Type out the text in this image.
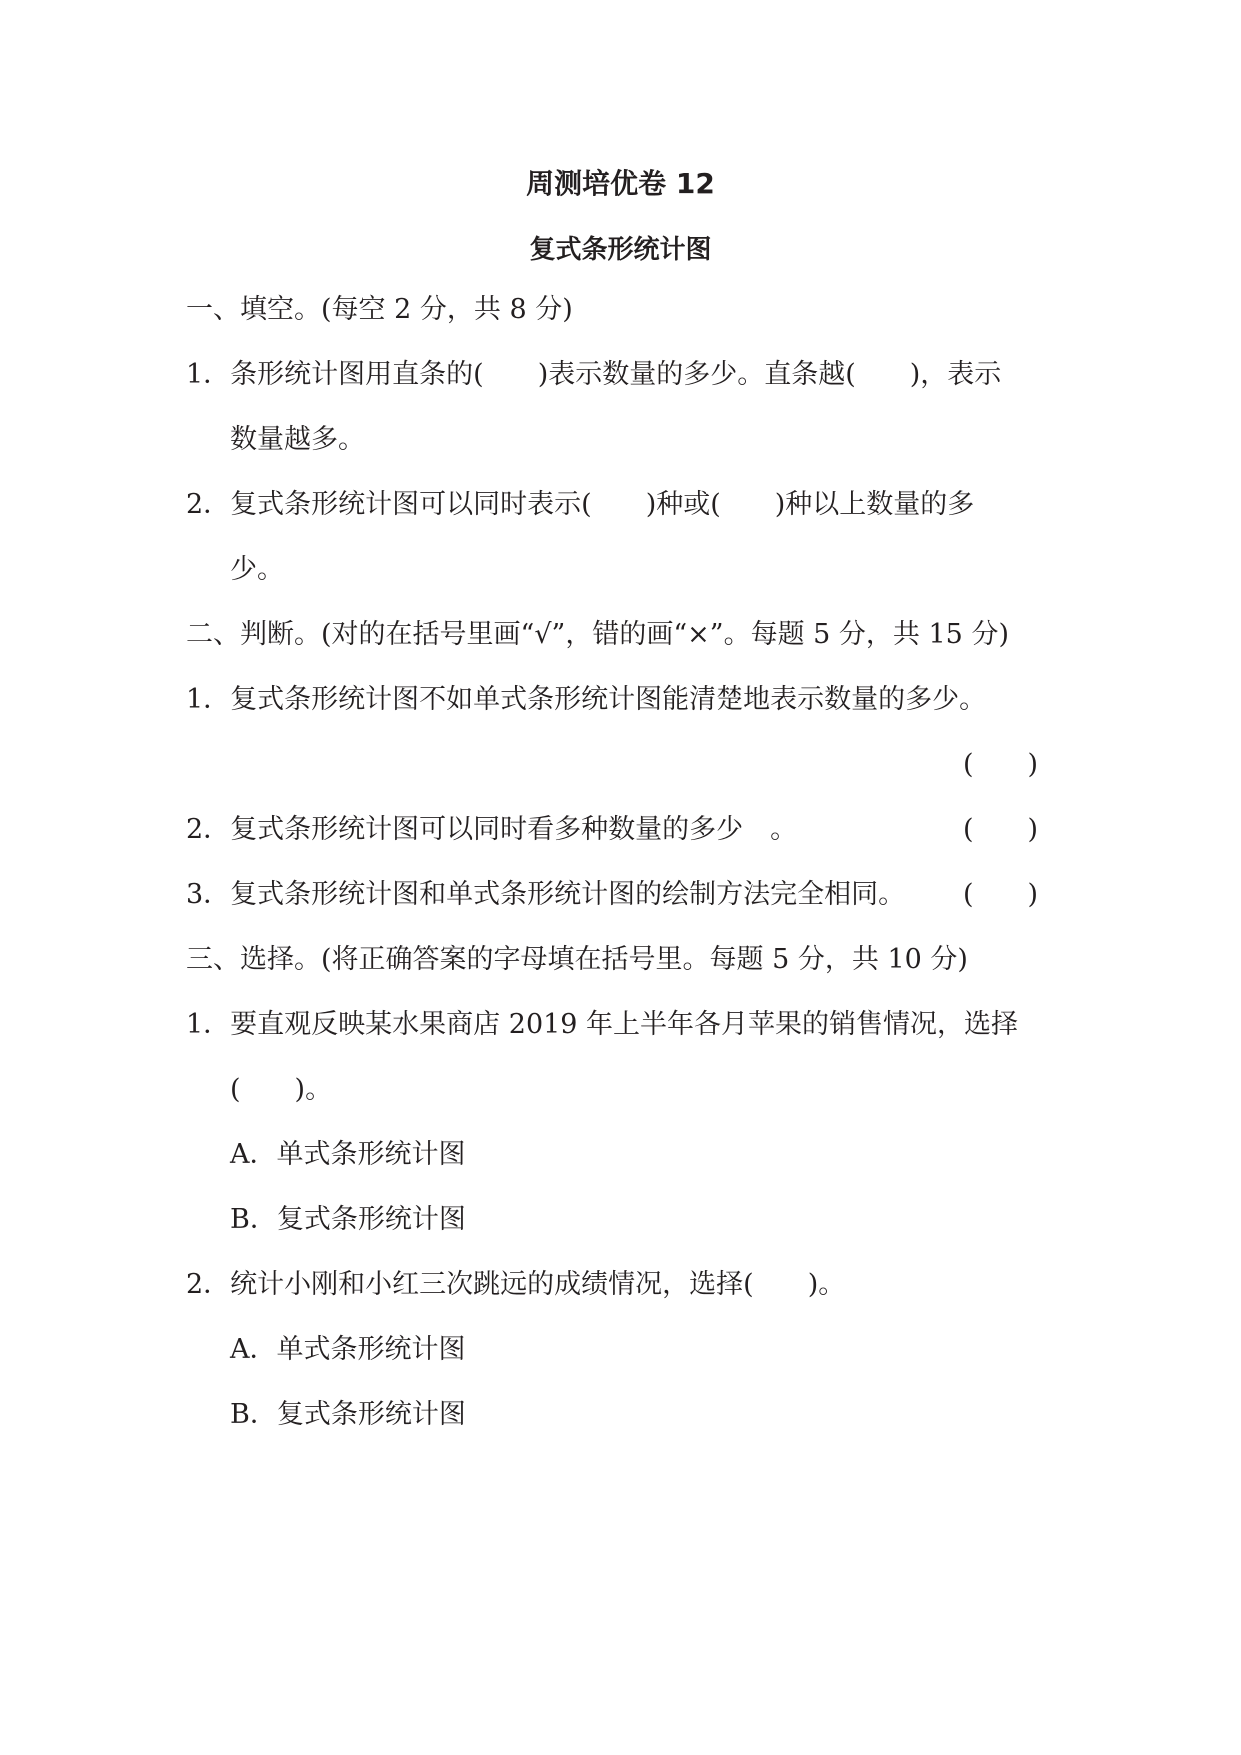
周测培优卷 12
复式条形统计图
一、填空。(每空 2 分，共 8 分)
1．条形统计图用直条的(　　)表示数量的多少。直条越(　　)，表示
数量越多。
2．复式条形统计图可以同时表示(　　)种或(　　)种以上数量的多
少。
二、判断。(对的在括号里画“√”，错的画“×”。每题 5 分，共 15 分)
1．复式条形统计图不如单式条形统计图能清楚地表示数量的多少。
(　　)
2．复式条形统计图可以同时看多种数量的多少　。	(　　)
3．复式条形统计图和单式条形统计图的绘制方法完全相同。 (　　)
三、选择。(将正确答案的字母填在括号里。每题 5 分，共 10 分)
1．要直观反映某水果商店 2019 年上半年各月苹果的销售情况，选择
(　　)。
A．单式条形统计图
B．复式条形统计图
2．统计小刚和小红三次跳远的成绩情况，选择(　　)。
A．单式条形统计图
B．复式条形统计图
